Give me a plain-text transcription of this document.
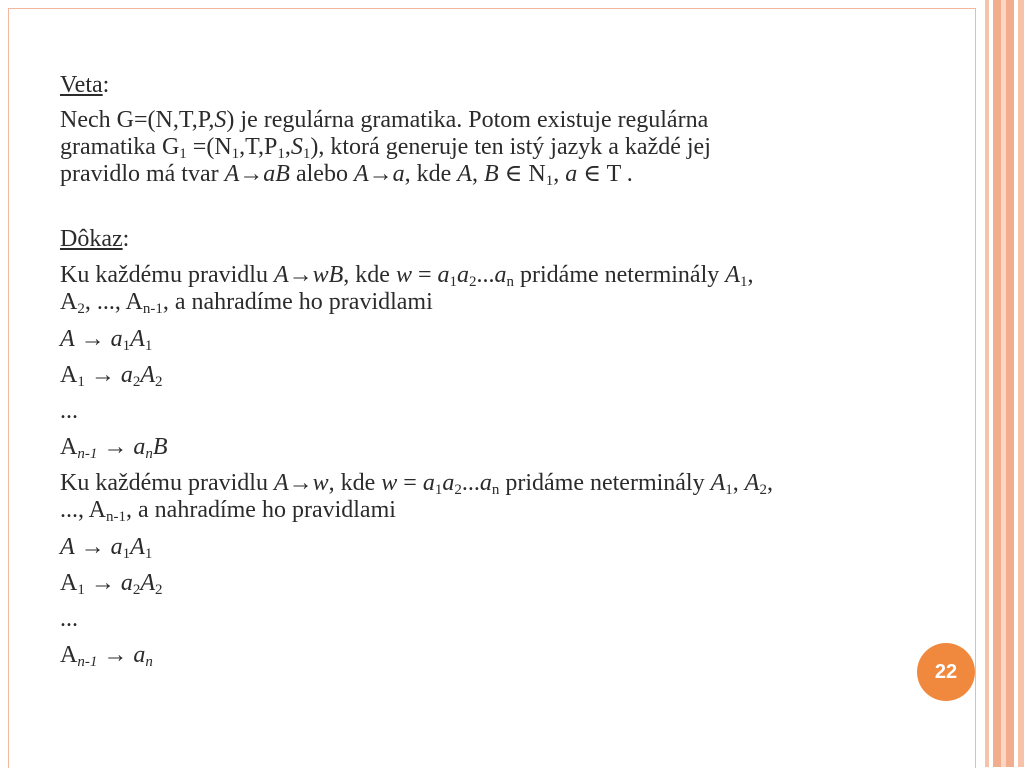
Veta:

Nech G=(N,T,P,S) je regulárna gramatika. Potom existuje regulárna

gramatika $G_1 =(N_1,T,P_1,S_1)$, ktorá generuje ten istý jazyk a každé jej

pravidlo má tvar A→aB alebo A→a, kde A, B ∈ $N_1$, a ∈ T .

Dôkaz:

Ku každému pravidlu A→wB, kde $w = a_1a_2...a_n$ pridáme neterminály $A_1$,

$A_2$, ..., $A_{n-1}$, a nahradíme ho pravidlami

$A \to a_1A_1$

$A_1 \to a_2A_2$

...

$A_{n-1} \to a_nB$

Ku každému pravidlu A→w, kde $w = a_1a_2...a_n$ pridáme neterminály $A_1$, $A_2$,

..., $A_{n-1}$, a nahradíme ho pravidlami

$A \to a_1A_1$

$A_1 \to a_2A_2$

...

$A_{n-1} \to a_n$	22
